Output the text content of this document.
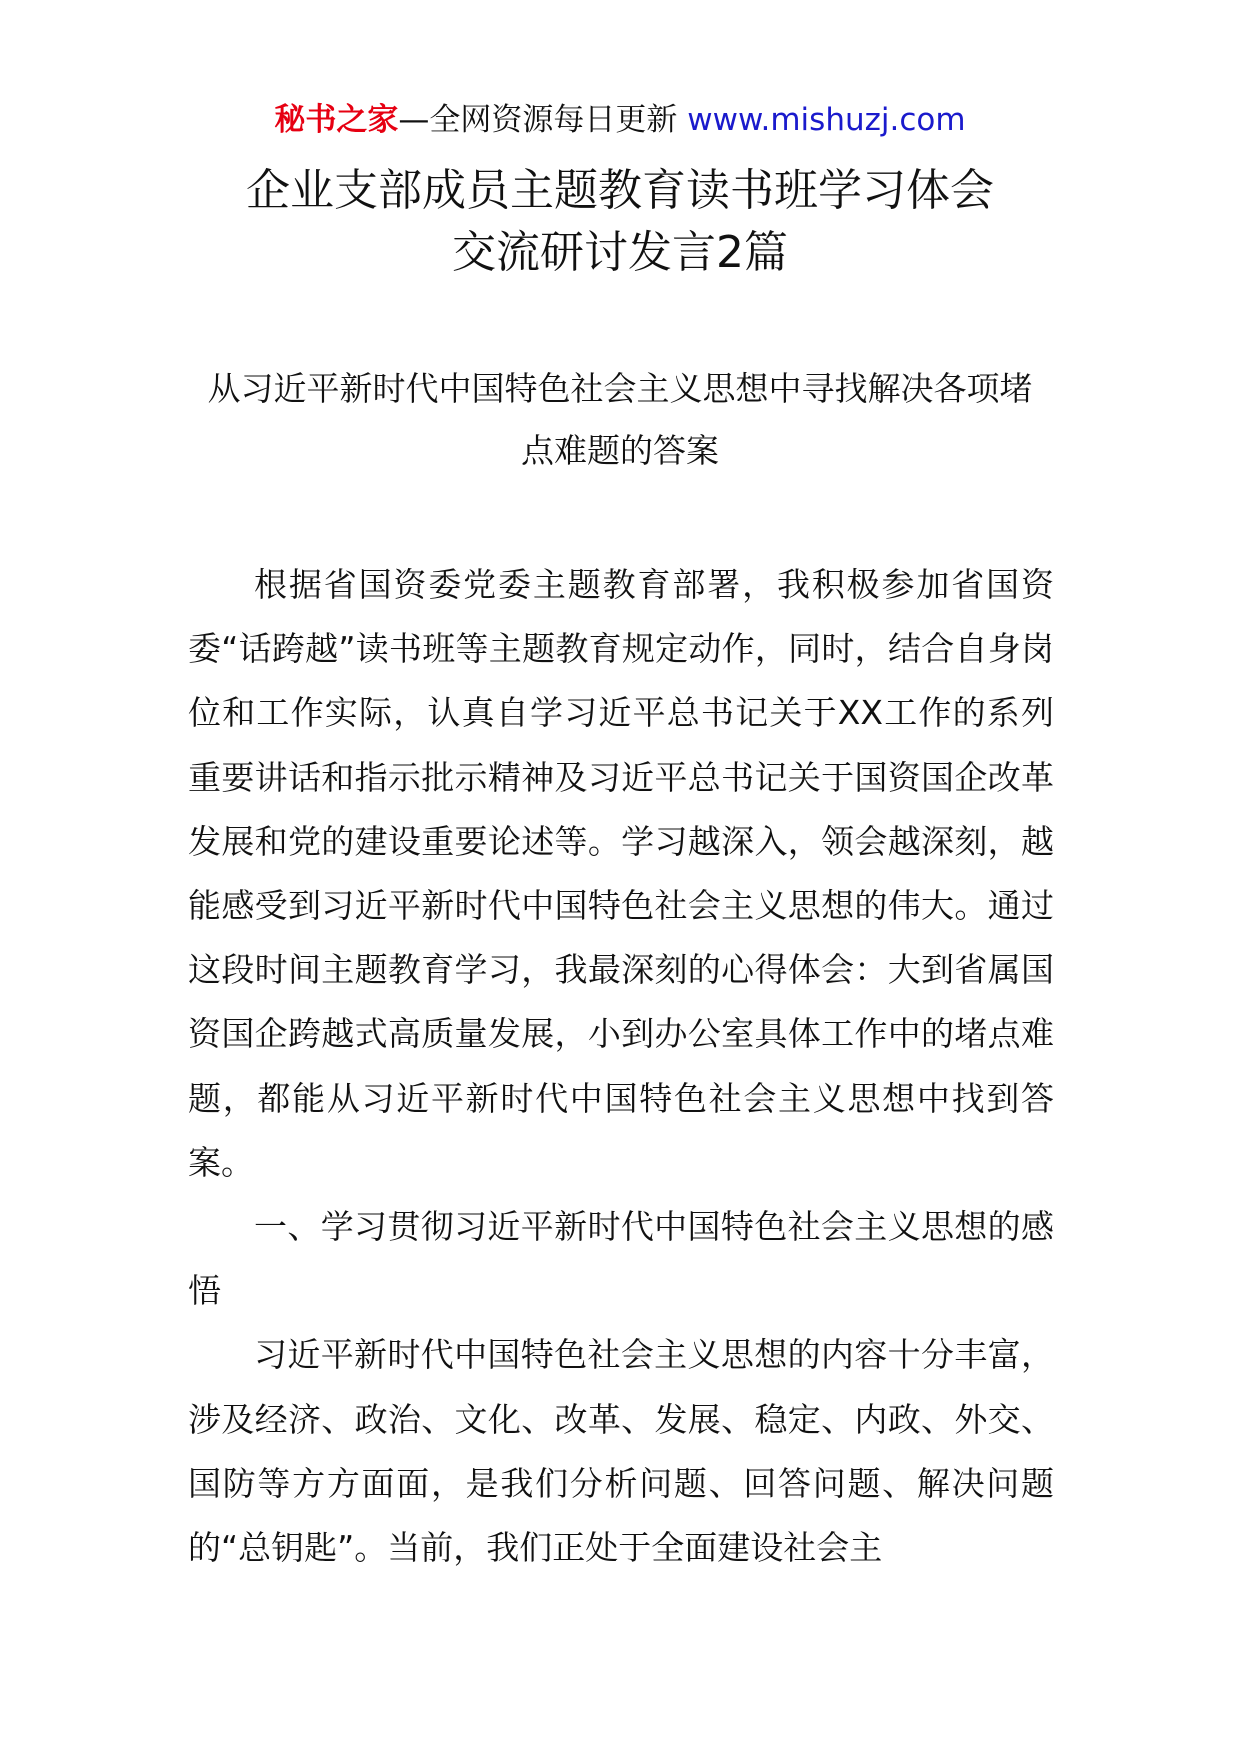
秘书之家—全网资源每日更新 www.mishuzj.com
企业支部成员主题教育读书班学习体会
交流研讨发言2篇
从习近平新时代中国特色社会主义思想中寻找解决各项堵
点难题的答案

根据省国资委党委主题教育部署，我积极参加省国资委“话跨越”读书班等主题教育规定动作，同时，结合自身岗位和工作实际，认真自学习近平总书记关于XX工作的系列重要讲话和指示批示精神及习近平总书记关于国资国企改革发展和党的建设重要论述等。学习越深入，领会越深刻，越能感受到习近平新时代中国特色社会主义思想的伟大。通过这段时间主题教育学习，我最深刻的心得体会：大到省属国资国企跨越式高质量发展，小到办公室具体工作中的堵点难题，都能从习近平新时代中国特色社会主义思想中找到答案。

一、学习贯彻习近平新时代中国特色社会主义思想的感悟

习近平新时代中国特色社会主义思想的内容十分丰富，涉及经济、政治、文化、改革、发展、稳定、内政、外交、国防等方方面面，是我们分析问题、回答问题、解决问题的“总钥匙”。当前，我们正处于全面建设社会主
